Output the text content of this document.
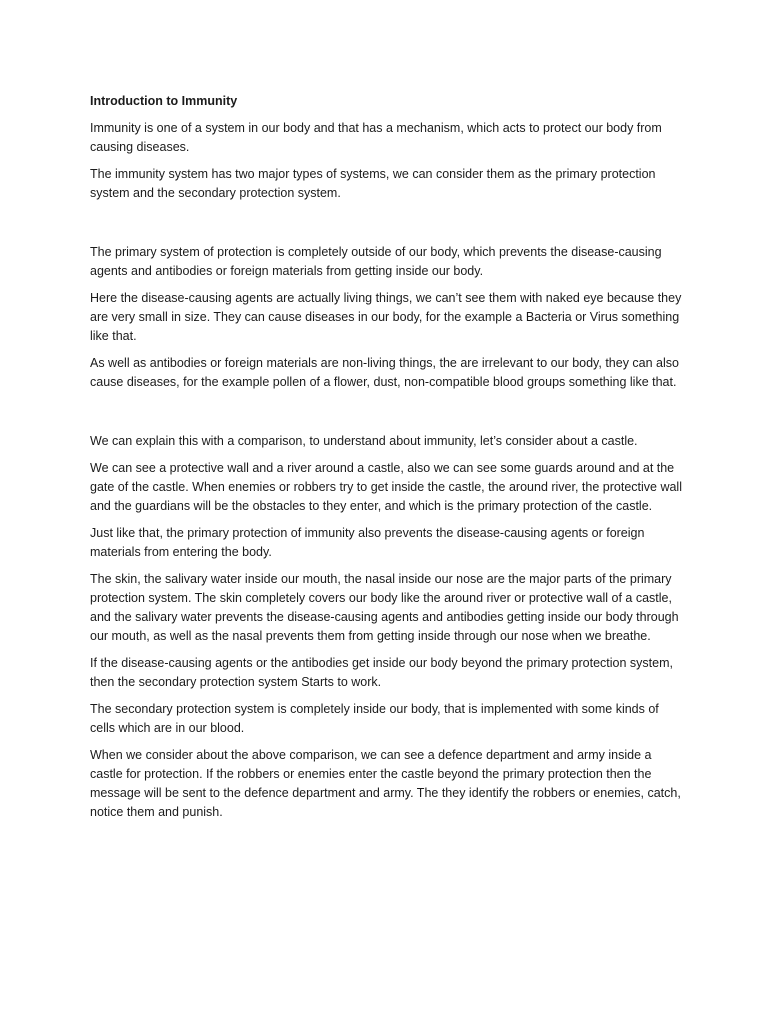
Introduction to Immunity

Immunity is one of a system in our body and that has a mechanism, which acts to protect our body from causing diseases.

The immunity system has two major types of systems, we can consider them as the primary protection system and the secondary protection system.

The primary system of protection is completely outside of our body, which prevents the disease-causing agents and antibodies or foreign materials from getting inside our body.

Here the disease-causing agents are actually living things, we can’t see them with naked eye because they are very small in size. They can cause diseases in our body, for the example a Bacteria or Virus something like that.

As well as antibodies or foreign materials are non-living things, the are irrelevant to our body, they can also cause diseases, for the example pollen of a flower, dust, non-compatible blood groups something like that.

We can explain this with a comparison, to understand about immunity, let’s consider about a castle.

We can see a protective wall and a river around a castle, also we can see some guards around and at the gate of the castle. When enemies or robbers try to get inside the castle, the around river, the protective wall and the guardians will be the obstacles to they enter, and which is the primary protection of the castle.

Just like that, the primary protection of immunity also prevents the disease-causing agents or foreign materials from entering the body.

The skin, the salivary water inside our mouth, the nasal inside our nose are the major parts of the primary protection system. The skin completely covers our body like the around river or protective wall of a castle, and the salivary water prevents the disease-causing agents and antibodies getting inside our body through our mouth, as well as the nasal prevents them from getting inside through our nose when we breathe.

If the disease-causing agents or the antibodies get inside our body beyond the primary protection system, then the secondary protection system Starts to work.

The secondary protection system is completely inside our body, that is implemented with some kinds of cells which are in our blood.

When we consider about the above comparison, we can see a defence department and army inside a castle for protection. If the robbers or enemies enter the castle beyond the primary protection then the message will be sent to the defence department and army. The they identify the robbers or enemies, catch, notice them and punish.
